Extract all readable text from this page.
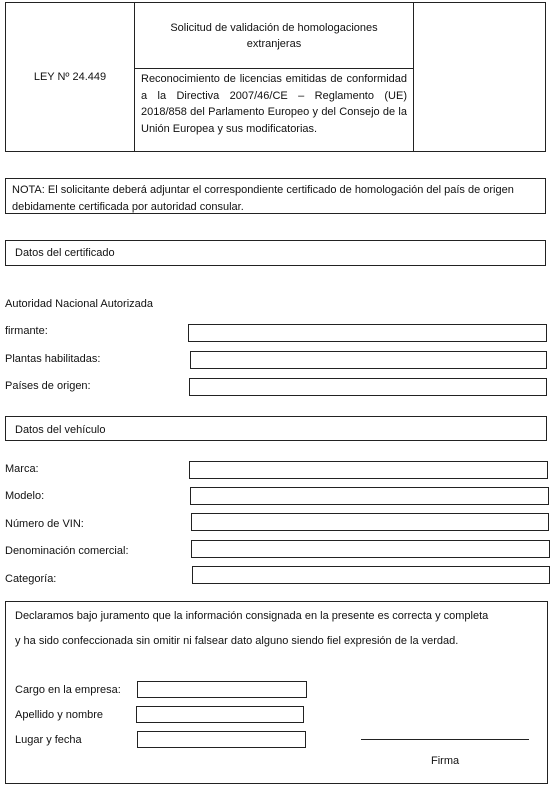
LEY Nº 24.449
Solicitud de validación de homologaciones extranjeras
Reconocimiento de licencias emitidas de conformidad a la Directiva 2007/46/CE – Reglamento (UE) 2018/858 del Parlamento Europeo y del Consejo de la Unión Europea y sus modificatorias.
NOTA: El solicitante deberá adjuntar el correspondiente certificado de homologación del país de origen debidamente certificada por autoridad consular.
Datos del certificado
Autoridad Nacional Autorizada
firmante:
Plantas habilitadas:
Países de origen:
Datos del vehículo
Marca:
Modelo:
Número de VIN:
Denominación comercial:
Categoría:
Declaramos bajo juramento que la información consignada en la presente es correcta y completa
y ha sido confeccionada sin omitir ni falsear dato alguno siendo fiel expresión de la verdad.
Cargo en la empresa:
Apellido y nombre
Lugar y fecha
Firma
